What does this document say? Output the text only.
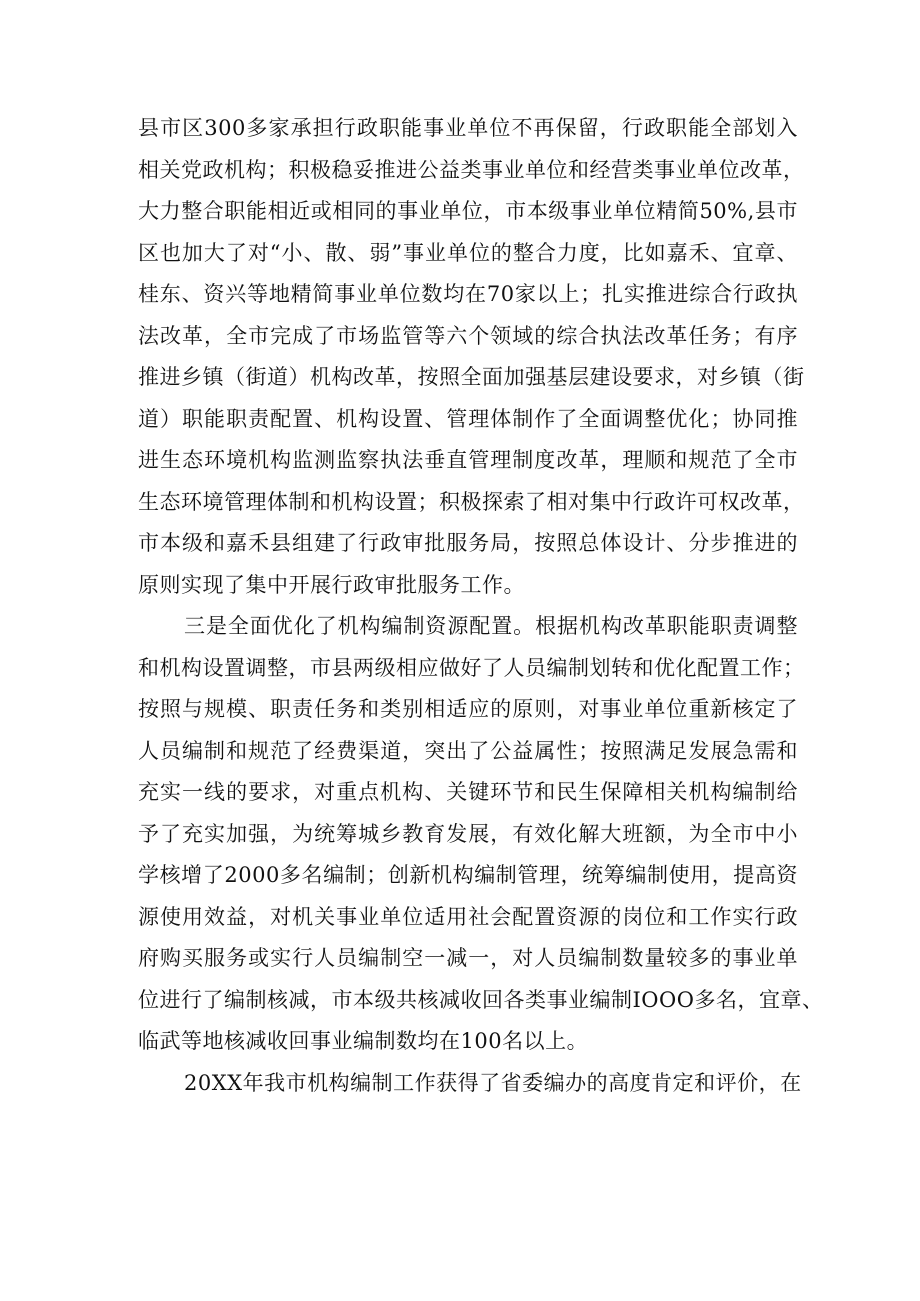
县市区300多家承担行政职能事业单位不再保留，行政职能全部划入
相关党政机构；积极稳妥推进公益类事业单位和经营类事业单位改革，
大力整合职能相近或相同的事业单位，市本级事业单位精简50%,县市
区也加大了对“小、散、弱”事业单位的整合力度，比如嘉禾、宜章、
桂东、资兴等地精简事业单位数均在70家以上；扎实推进综合行政执
法改革，全市完成了市场监管等六个领域的综合执法改革任务；有序
推进乡镇（街道）机构改革，按照全面加强基层建设要求，对乡镇（街
道）职能职责配置、机构设置、管理体制作了全面调整优化；协同推
进生态环境机构监测监察执法垂直管理制度改革，理顺和规范了全市
生态环境管理体制和机构设置；积极探索了相对集中行政许可权改革，
市本级和嘉禾县组建了行政审批服务局，按照总体设计、分步推进的
原则实现了集中开展行政审批服务工作。
三是全面优化了机构编制资源配置。根据机构改革职能职责调整
和机构设置调整，市县两级相应做好了人员编制划转和优化配置工作；
按照与规模、职责任务和类别相适应的原则，对事业单位重新核定了
人员编制和规范了经费渠道，突出了公益属性；按照满足发展急需和
充实一线的要求，对重点机构、关键环节和民生保障相关机构编制给
予了充实加强，为统筹城乡教育发展，有效化解大班额，为全市中小
学核增了2000多名编制；创新机构编制管理，统筹编制使用，提高资
源使用效益，对机关事业单位适用社会配置资源的岗位和工作实行政
府购买服务或实行人员编制空一减一，对人员编制数量较多的事业单
位进行了编制核减，市本级共核减收回各类事业编制IOOO多名，宜章、
临武等地核减收回事业编制数均在100名以上。
20XX年我市机构编制工作获得了省委编办的高度肯定和评价，在
